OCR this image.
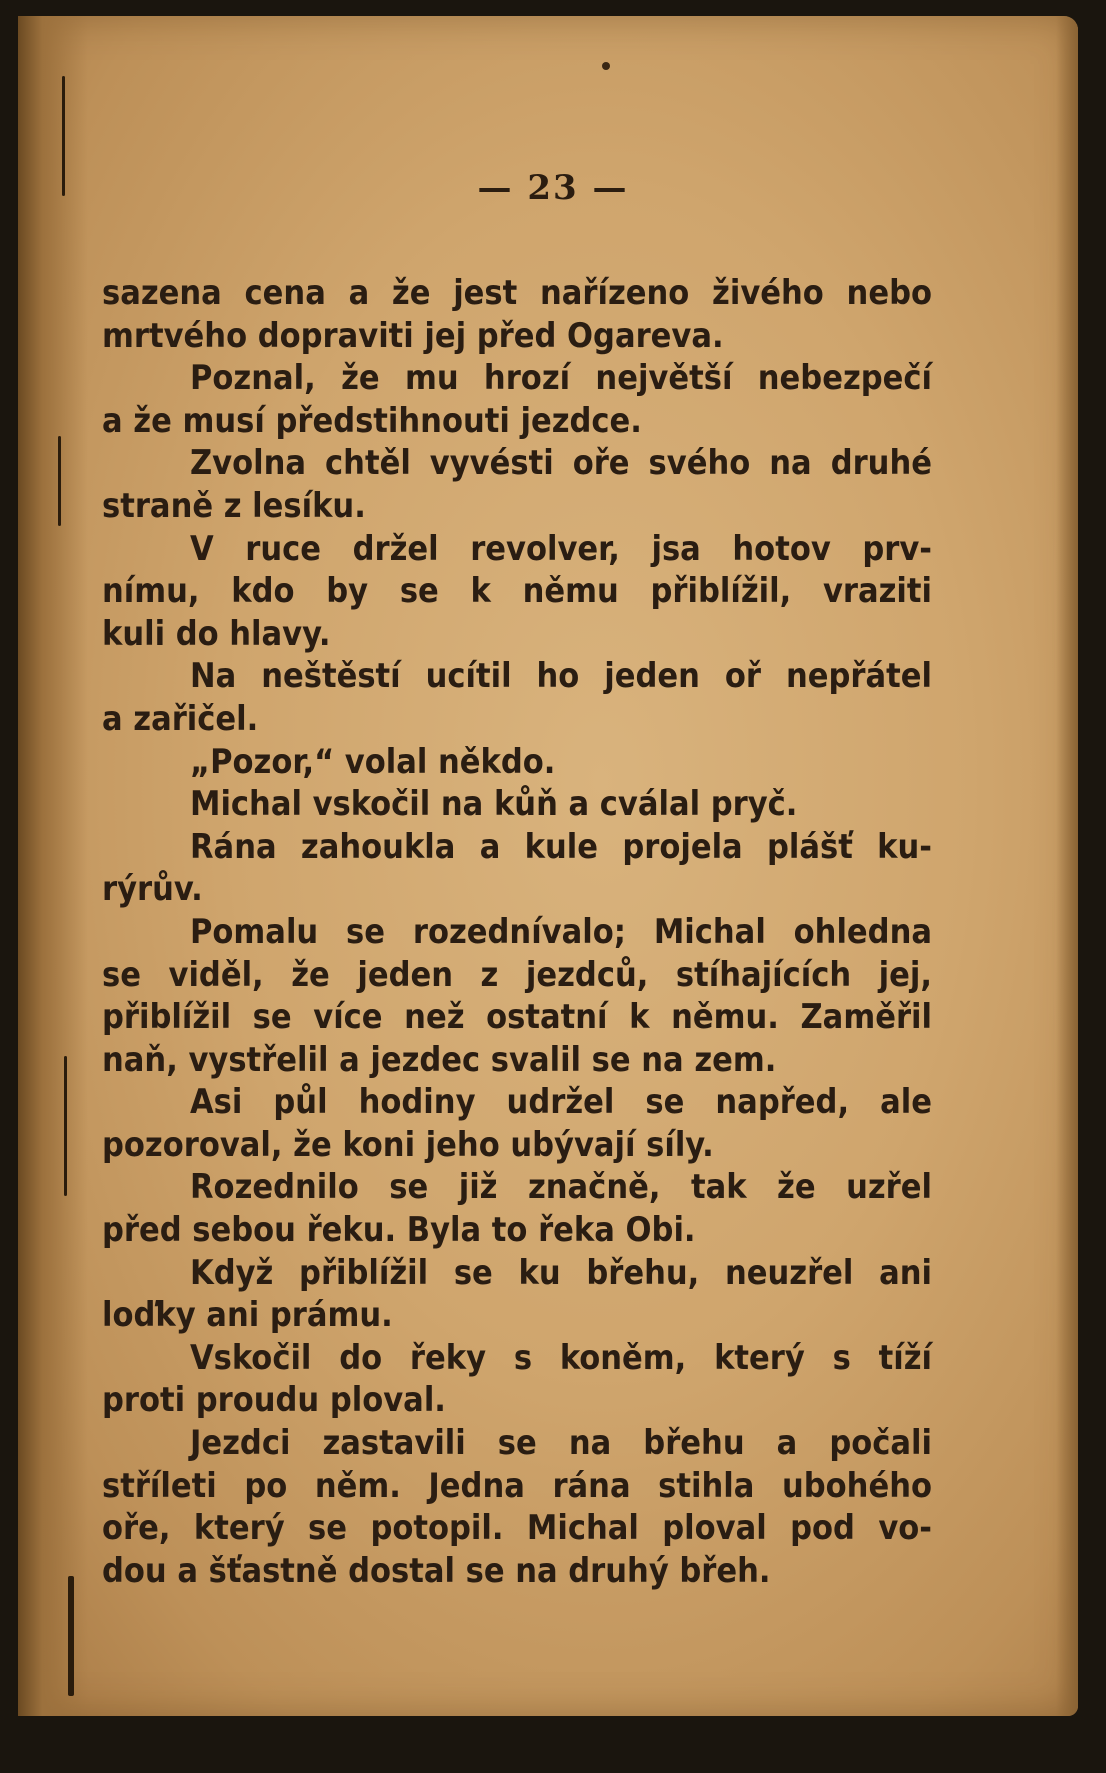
— 23 —
sazena cena a že jest nařízeno živého nebo
mrtvého dopraviti jej před Ogareva.
Poznal, že mu hrozí největší nebezpečí
a že musí předstihnouti jezdce.
Zvolna chtěl vyvésti oře svého na druhé
straně z lesíku.
V ruce držel revolver, jsa hotov prv-
nímu, kdo by se k němu přiblížil, vraziti
kuli do hlavy.
Na neštěstí ucítil ho jeden oř nepřátel
a zařičel.
„Pozor,“ volal někdo.
Michal vskočil na kůň a cválal pryč.
Rána zahoukla a kule projela plášť ku-
rýrův.
Pomalu se rozednívalo; Michal ohledna
se viděl, že jeden z jezdců, stíhajících jej,
přiblížil se více než ostatní k němu. Zaměřil
naň, vystřelil a jezdec svalil se na zem.
Asi půl hodiny udržel se napřed, ale
pozoroval, že koni jeho ubývají síly.
Rozednilo se již značně, tak že uzřel
před sebou řeku. Byla to řeka Obi.
Když přiblížil se ku břehu, neuzřel ani
loďky ani prámu.
Vskočil do řeky s koněm, který s tíží
proti proudu ploval.
Jezdci zastavili se na břehu a počali
stříleti po něm. Jedna rána stihla ubohého
oře, který se potopil. Michal ploval pod vo-
dou a šťastně dostal se na druhý břeh.
